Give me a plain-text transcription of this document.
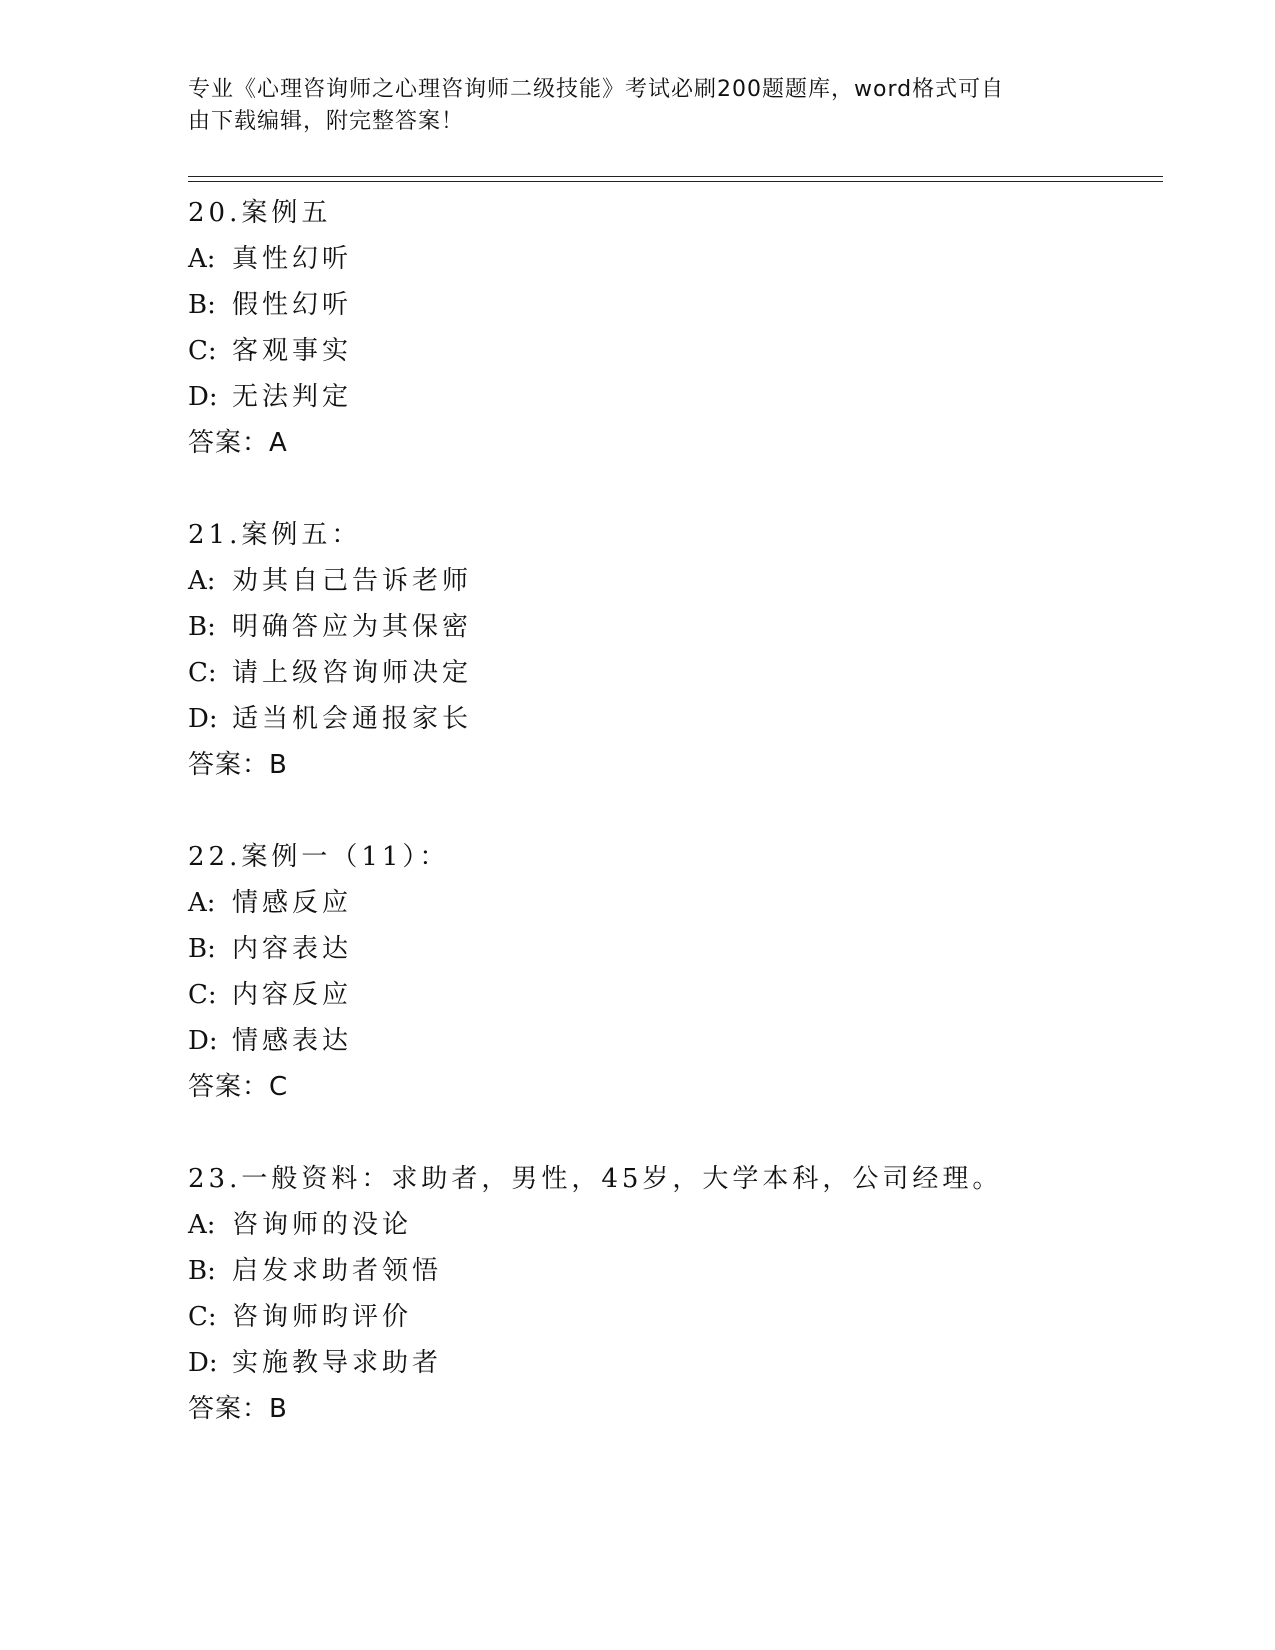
专业《心理咨询师之心理咨询师二级技能》考试必刷200题题库，word格式可自
由下载编辑，附完整答案！
20.案例五
A: 真性幻听
B: 假性幻听
C: 客观事实
D: 无法判定
答案：A
21.案例五：
A: 劝其自己告诉老师
B: 明确答应为其保密
C: 请上级咨询师决定
D: 适当机会通报家长
答案：B
22.案例一（11）：
A: 情感反应
B: 内容表达
C: 内容反应
D: 情感表达
答案：C
23.一般资料：求助者，男性，45岁，大学本科，公司经理。
A: 咨询师的没论
B: 启发求助者领悟
C: 咨询师昀评价
D: 实施教导求助者
答案：B
